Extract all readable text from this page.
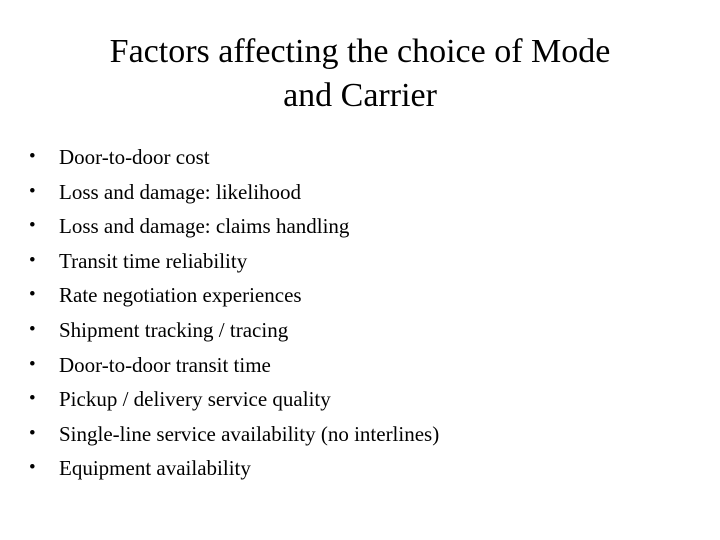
Factors affecting the choice of Mode
and Carrier
•	Door-to-door cost
•	Loss and damage: likelihood
•	Loss and damage: claims handling
•	Transit time reliability
•	Rate negotiation experiences
•	Shipment tracking / tracing
•	Door-to-door transit time
•	Pickup / delivery service quality
•	Single-line service availability (no interlines)
•	Equipment availability
